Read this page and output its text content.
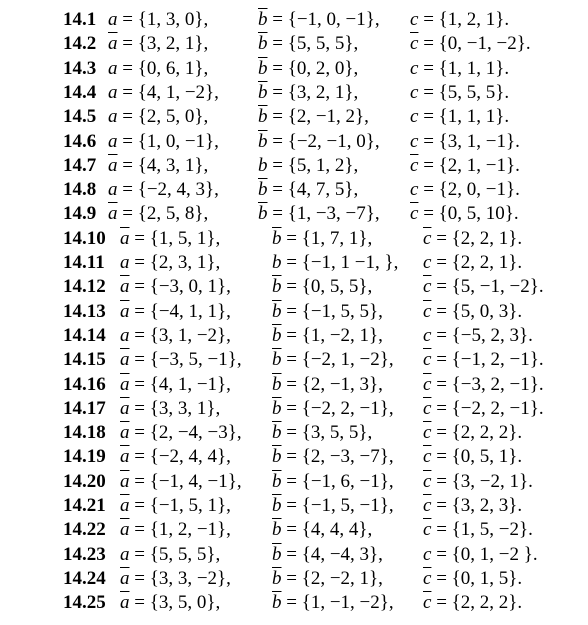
14.1 a = {1, 3, 0},	$\overline{b} = \{-1$, 0, −1}, c = {1, 2, 1}.
14.2 $\overline{a} = \{3$, 2, 1},	$\overline{b} = \{5$, 5, 5},	$\overline{c} = \{0$, −1, −2}.
14.3 a = {0, 6, 1},	$\overline{b} = \{0$, 2, 0},	c = {1, 1, 1}.
14.4 a = {4, 1, −2}, $\overline{b} = \{3$, 2, 1},	c = {5, 5, 5}.
14.5 a = {2, 5, 0},	$\overline{b} = \{2$, −1, 2}, c = {1, 1, 1}.
14.6 a = {1, 0, −1}, $\overline{b} = \{-2$, −1, 0}, c = {3, 1, −1}.
14.7 $\overline{a} = \{4$, 3, 1},	b = {5, 1, 2},	$\overline{c} = \{2$, 1, −1}.
14.8 a = {−2, 4, 3}, $\overline{b} = \{4$, 7, 5},	c = {2, 0, −1}.
14.9 $\overline{a} = \{2$, 5, 8},	$\overline{b} = \{1$, −3, −7}, $\overline{c} = \{0$, 5, 10}.
14.10 $\overline{a} = \{1$, 5, 1},	$\overline{b} = \{1$, 7, 1},	$\overline{c} = \{2$, 2, 1}.
14.11 a = {2, 3, 1},	b = {−1, 1 −1, }, c = {2, 2, 1}.
14.12 $\overline{a} = \{-3$, 0, 1}, $\overline{b} = \{0$, 5, 5},	$\overline{c} = \{5$, −1, −2}.
14.13 $\overline{a} = \{-4$, 1, 1}, $\overline{b} = \{-1$, 5, 5}, $\overline{c} = \{5$, 0, 3}.
14.14 a = {3, 1, −2}, $\overline{b} = \{1$, −2, 1}, c = {−5, 2, 3}.
14.15 $\overline{a} = \{-3$, 5, −1}, $\overline{b} = \{-2$, 1, −2}, $\overline{c} = \{-1$, 2, −1}.
14.16 $\overline{a} = \{4$, 1, −1}, $\overline{b} = \{2$, −1, 3}, $\overline{c} = \{-3$, 2, −1}.
14.17 $\overline{a} = \{3$, 3, 1},	$\overline{b} = \{-2$, 2, −1}, $\overline{c} = \{-2$, 2, −1}.
14.18 $\overline{a} = \{2$, −4, −3}, $\overline{b} = \{3$, 5, 5},	$\overline{c} = \{2$, 2, 2}.
14.19 $\overline{a} = \{-2$, 4, 4}, $\overline{b} = \{2$, −3, −7}, $\overline{c} = \{0$, 5, 1}.
14.20 $\overline{a} = \{-1$, 4, −1}, $\overline{b} = \{-1$, 6, −1}, $\overline{c} = \{3$, −2, 1}.
14.21 $\overline{a} = \{-1$, 5, 1}, $\overline{b} = \{-1$, 5, −1}, $\overline{c} = \{3$, 2, 3}.
14.22 $\overline{a} = \{1$, 2, −1}, $\overline{b} = \{4$, 4, 4},	$\overline{c} = \{1$, 5, −2}.
14.23 a = {5, 5, 5},	$\overline{b} = \{4$, −4, 3}, c = {0, 1, −2 }.
14.24 $\overline{a} = \{3$, 3, −2}, $\overline{b} = \{2$, −2, 1}, $\overline{c} = \{0$, 1, 5}.
14.25 $\overline{a} = \{3$, 5, 0},	$\overline{b} = \{1$, −1, −2}, $\overline{c} = \{2$, 2, 2}.
